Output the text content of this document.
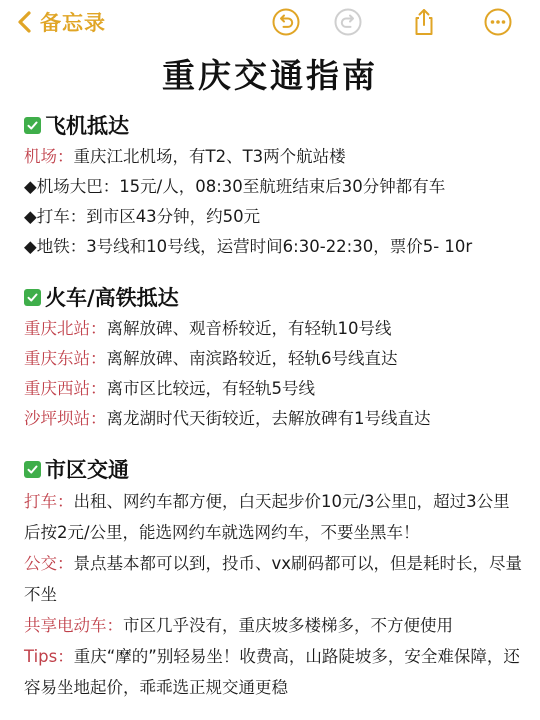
备忘录
重庆交通指南
飞机抵达
机场：重庆江北机场，有T2、T3两个航站楼
◆机场大巴：15元/人，08:30至航班结束后30分钟都有车
◆打车：到市区43分钟，约50元
◆地铁：3号线和10号线，运营时间6:30-22:30，票价5- 10r
火车/高铁抵达
重庆北站：离解放碑、观音桥较近，有轻轨10号线
重庆东站：离解放碑、南滨路较近，轻轨6号线直达
重庆西站：离市区比较远，有轻轨5号线
沙坪坝站：离龙湖时代天街较近，去解放碑有1号线直达
市区交通
打车：出租、网约车都方便，白天起步价10元/3公里▯，超过3公里后按2元/公里，能选网约车就选网约车，不要坐黑车！
公交：景点基本都可以到，投币、vx刷码都可以，但是耗时长，尽量不坐
共享电动车：市区几乎没有，重庆坡多楼梯多，不方便使用
Tips：重庆“摩的”别轻易坐！收费高，山路陡坡多，安全难保障，还容易坐地起价，乖乖选正规交通更稳
